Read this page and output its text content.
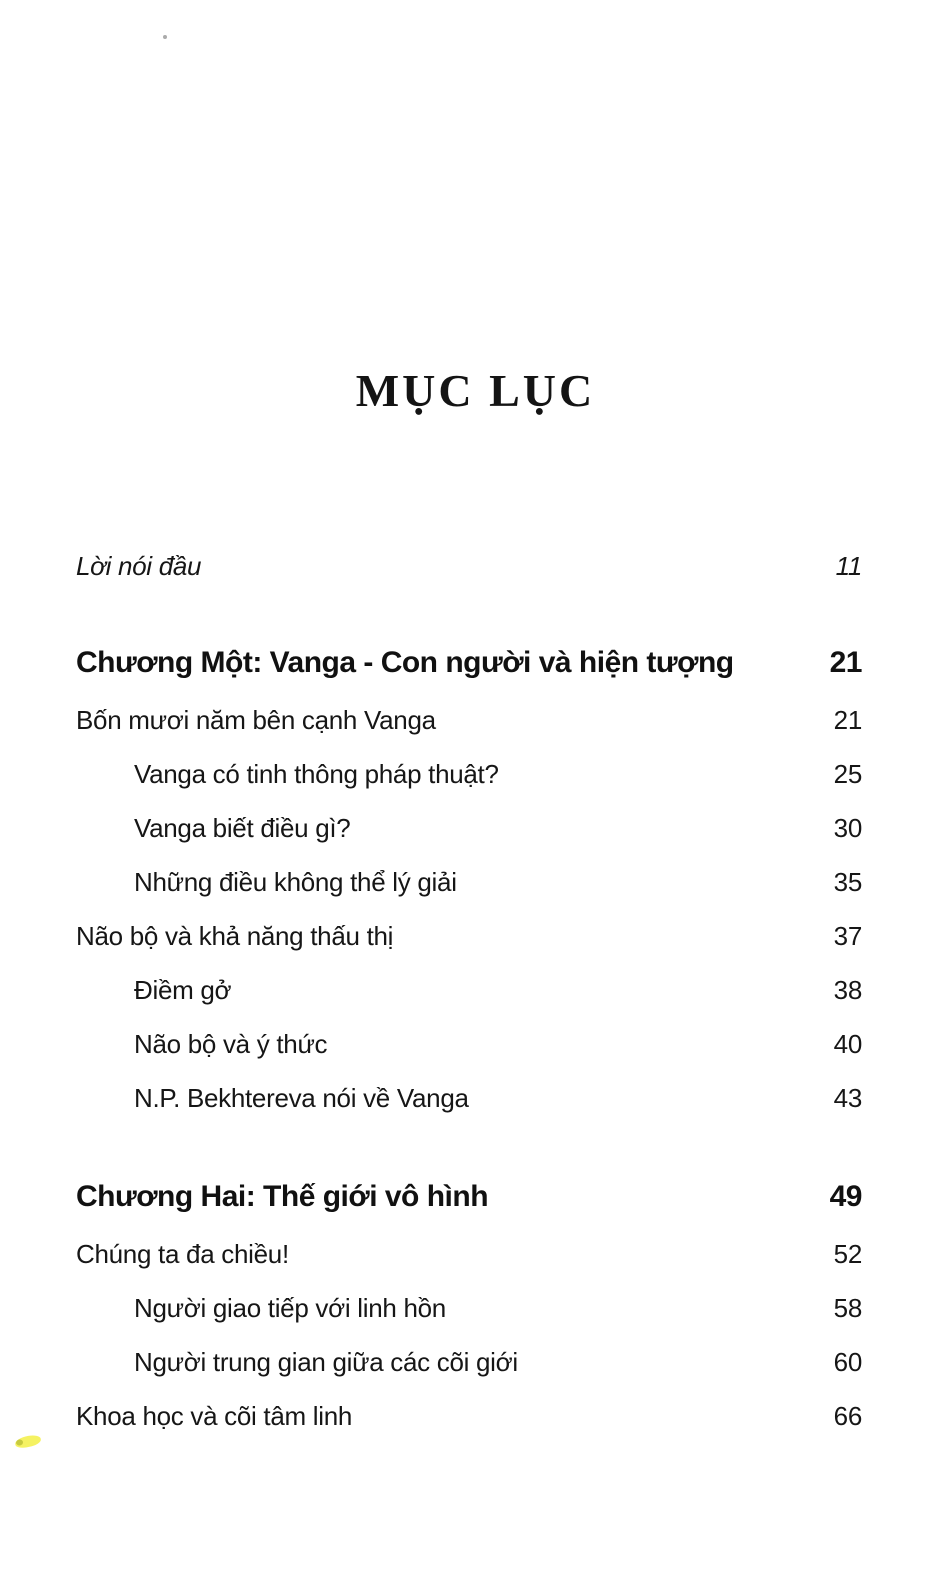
MỤC LỤC
Lời nói đầu	11
Chương Một: Vanga - Con người và hiện tượng	21
Bốn mươi năm bên cạnh Vanga	21
Vanga có tinh thông pháp thuật?	25
Vanga biết điều gì?	30
Những điều không thể lý giải	35
Não bộ và khả năng thấu thị	37
Điềm gở	38
Não bộ và ý thức	40
N.P. Bekhtereva nói về Vanga	43
Chương Hai: Thế giới vô hình	49
Chúng ta đa chiều!	52
Người giao tiếp với linh hồn	58
Người trung gian giữa các cõi giới	60
Khoa học và cõi tâm linh	66
